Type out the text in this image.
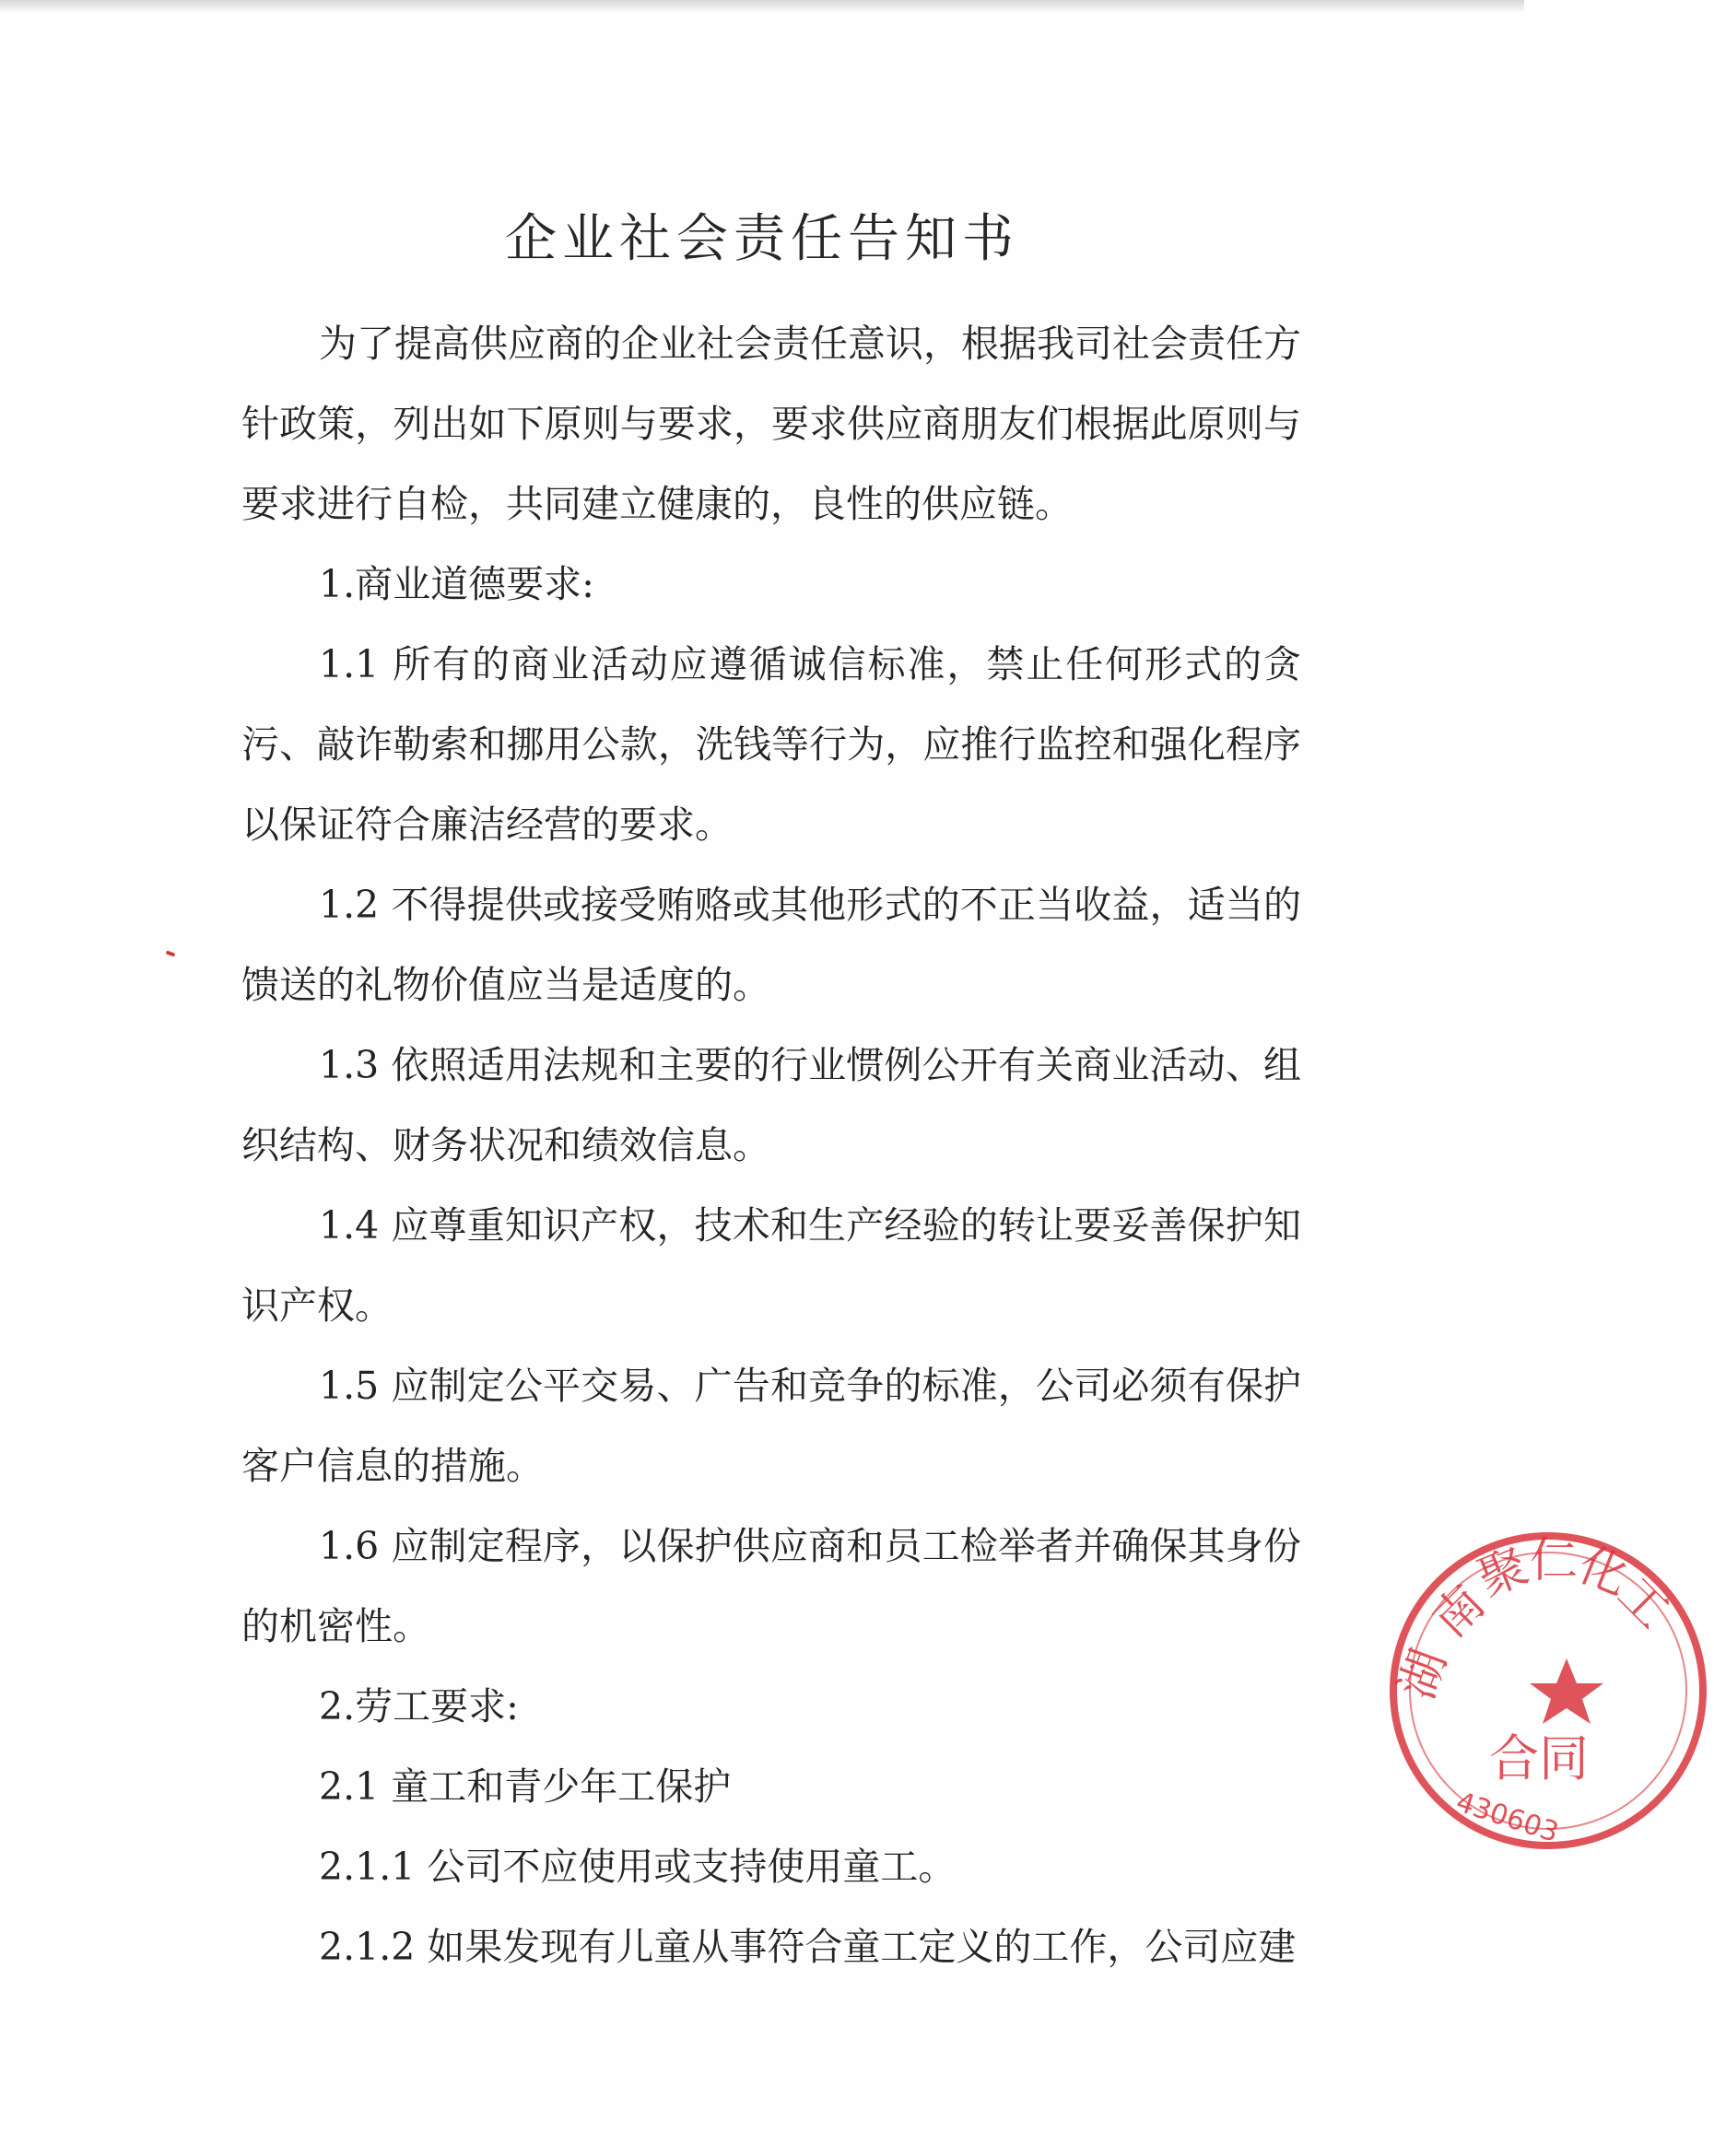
企业社会责任告知书

为了提高供应商的企业社会责任意识，根据我司社会责任方针政策，列出如下原则与要求，要求供应商朋友们根据此原则与要求进行自检，共同建立健康的，良性的供应链。

1.商业道德要求:

1.1 所有的商业活动应遵循诚信标准，禁止任何形式的贪污、敲诈勒索和挪用公款，洗钱等行为，应推行监控和强化程序以保证符合廉洁经营的要求。

1.2 不得提供或接受贿赂或其他形式的不正当收益，适当的馈送的礼物价值应当是适度的。

1.3 依照适用法规和主要的行业惯例公开有关商业活动、组织结构、财务状况和绩效信息。

1.4 应尊重知识产权，技术和生产经验的转让要妥善保护知识产权。

1.5 应制定公平交易、广告和竞争的标准，公司必须有保护客户信息的措施。

1.6 应制定程序，以保护供应商和员工检举者并确保其身份的机密性。

2.劳工要求:

2.1 童工和青少年工保护

2.1.1 公司不应使用或支持使用童工。

2.1.2 如果发现有儿童从事符合童工定义的工作，公司应建

湖
南
聚
仁
化
工
合同
430603
